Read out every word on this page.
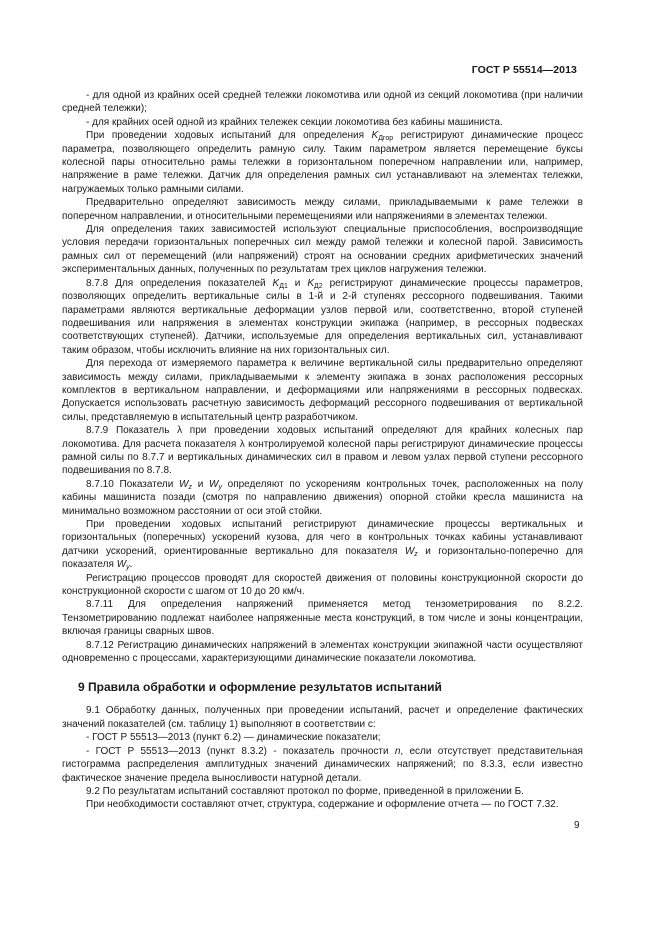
ГОСТ Р 55514—2013

- для одной из крайних осей средней тележки локомотива или одной из секций локомотива (при наличии средней тележки);

- для крайних осей одной из крайних тележек секции локомотива без кабины машиниста.

При проведении ходовых испытаний для определения $K_{Дгор}$ регистрируют динамические процесс параметра, позволяющего определить рамную силу. Таким параметром является перемещение буксы колесной пары относительно рамы тележки в горизонтальном поперечном направлении или, например, напряжение в раме тележки. Датчик для определения рамных сил устанавливают на элементах тележки, нагружаемых только рамными силами.

Предварительно определяют зависимость между силами, прикладываемыми к раме тележки в поперечном направлении, и относительными перемещениями или напряжениями в элементах тележки.

Для определения таких зависимостей используют специальные приспособления, воспроизводящие условия передачи горизонтальных поперечных сил между рамой тележки и колесной парой. Зависимость рамных сил от перемещений (или напряжений) строят на основании средних арифметических значений экспериментальных данных, полученных по результатам трех циклов нагружения тележки.

8.7.8 Для определения показателей $K_{Д1}$ и $K_{Д2}$ регистрируют динамические процессы параметров, позволяющих определить вертикальные силы в 1-й и 2-й ступенях рессорного подвешивания. Такими параметрами являются вертикальные деформации узлов первой или, соответственно, второй ступеней подвешивания или напряжения в элементах конструкции экипажа (например, в рессорных подвесках соответствующих ступеней). Датчики, используемые для определения вертикальных сил, устанавливают таким образом, чтобы исключить влияние на них горизонтальных сил.

Для перехода от измеряемого параметра к величине вертикальной силы предварительно определяют зависимость между силами, прикладываемыми к элементу экипажа в зонах расположения рессорных комплектов в вертикальном направлении, и деформациями или напряжениями в рессорных подвесках. Допускается использовать расчетную зависимость деформаций рессорного подвешивания от вертикальной силы, представляемую в испытательный центр разработчиком.

8.7.9 Показатель λ при проведении ходовых испытаний определяют для крайних колесных пар локомотива. Для расчета показателя λ контролируемой колесной пары регистрируют динамические процессы рамной силы по 8.7.7 и вертикальных динамических сил в правом и левом узлах первой ступени рессорного подвешивания по 8.7.8.

8.7.10 Показатели $W_z$ и $W_y$ определяют по ускорениям контрольных точек, расположенных на полу кабины машиниста позади (смотря по направлению движения) опорной стойки кресла машиниста на минимально возможном расстоянии от оси этой стойки.

При проведении ходовых испытаний регистрируют динамические процессы вертикальных и горизонтальных (поперечных) ускорений кузова, для чего в контрольных точках кабины устанавливают датчики ускорений, ориентированные вертикально для показателя $W_z$ и горизонтально-поперечно для показателя $W_y$.

Регистрацию процессов проводят для скоростей движения от половины конструкционной скорости до конструкционной скорости с шагом от 10 до 20 км/ч.

8.7.11 Для определения напряжений применяется метод тензометрирования по 8.2.2. Тензометрированию подлежат наиболее напряженные места конструкций, в том числе и зоны концентрации, включая границы сварных швов.

8.7.12 Регистрацию динамических напряжений в элементах конструкции экипажной части осуществляют одновременно с процессами, характеризующими динамические показатели локомотива.

9 Правила обработки и оформление результатов испытаний

9.1 Обработку данных, полученных при проведении испытаний, расчет и определение фактических значений показателей (см. таблицу 1) выполняют в соответствии с:

- ГОСТ Р 55513—2013 (пункт 6.2) — динамические показатели;

- ГОСТ Р 55513—2013 (пункт 8.3.2) - показатель прочности n, если отсутствует представительная гистограмма распределения амплитудных значений динамических напряжений; по 8.3.3, если известно фактическое значение предела выносливости натурной детали.

9.2 По результатам испытаний составляют протокол по форме, приведенной в приложении Б.

При необходимости составляют отчет, структура, содержание и оформление отчета — по ГОСТ 7.32.

9
